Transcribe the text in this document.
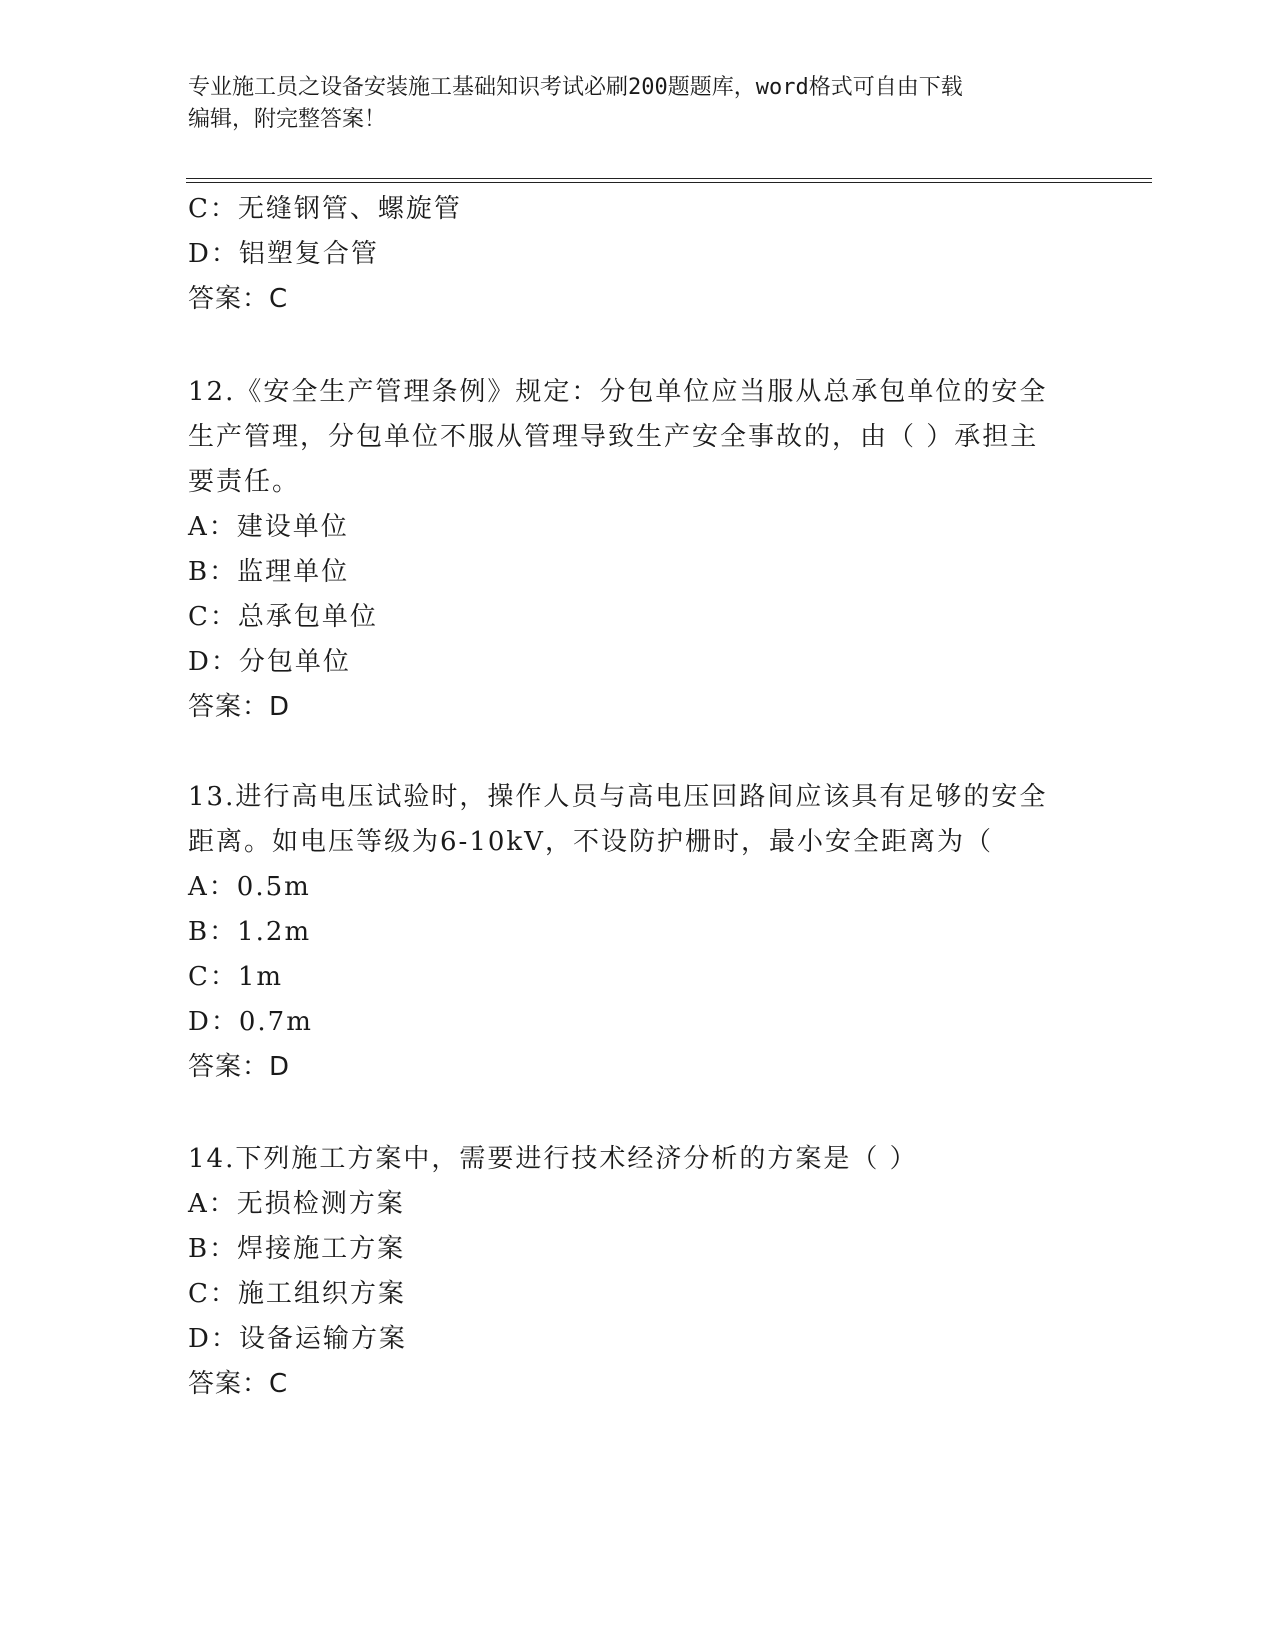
专业施工员之设备安装施工基础知识考试必刷200题题库，word格式可自由下载
编辑，附完整答案！
C：无缝钢管、螺旋管
D：铝塑复合管
答案：C
12.《安全生产管理条例》规定：分包单位应当服从总承包单位的安全
生产管理，分包单位不服从管理导致生产安全事故的，由（ ）承担主
要责任。
A：建设单位
B：监理单位
C：总承包单位
D：分包单位
答案：D
13.进行高电压试验时，操作人员与高电压回路间应该具有足够的安全
距离。如电压等级为6-10kV，不设防护栅时，最小安全距离为（
A：0.5m
B：1.2m
C：1m
D：0.7m
答案：D
14.下列施工方案中，需要进行技术经济分析的方案是（ ）
A：无损检测方案
B：焊接施工方案
C：施工组织方案
D：设备运输方案
答案：C
